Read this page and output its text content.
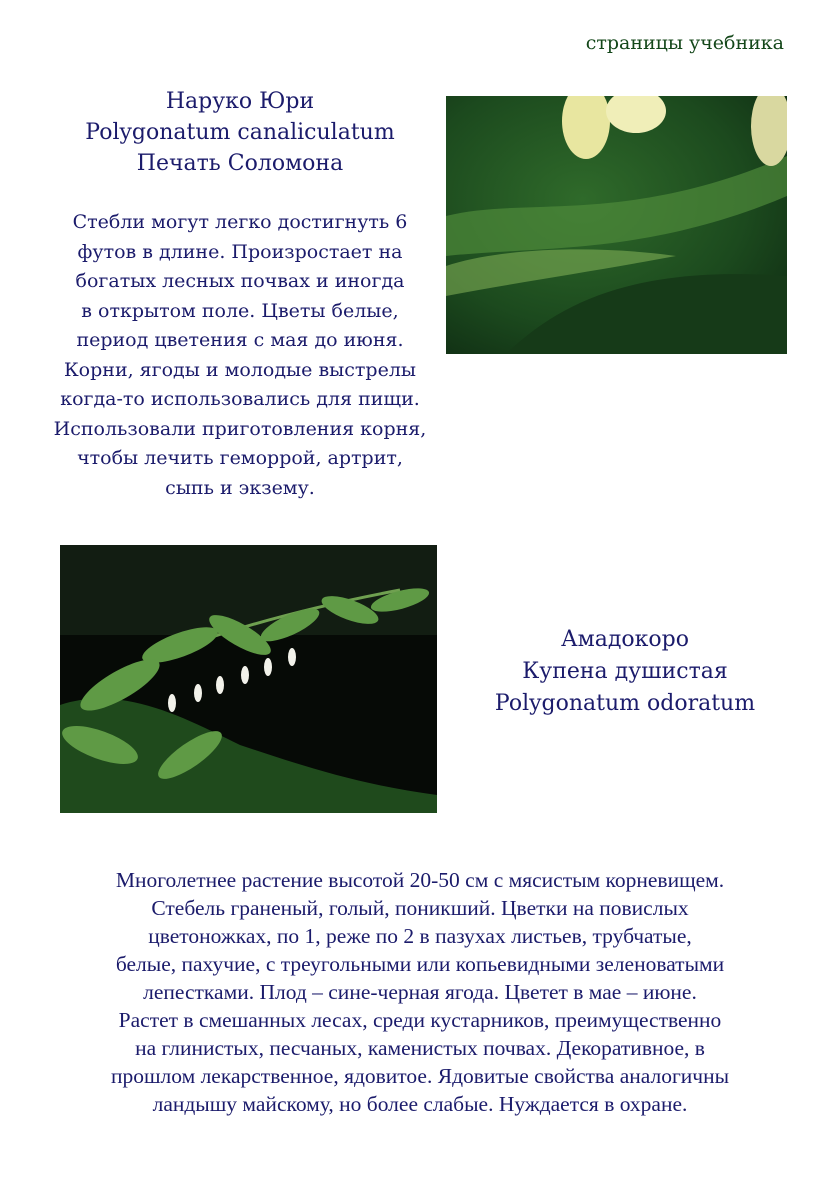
страницы учебника
Наруко Юри
Polygonatum canaliculatum
Печать Соломона
Стебли могут легко достигнуть 6
футов в длине. Произростает на
богатых лесных почвах и иногда
в открытом поле. Цветы белые,
период цветения с мая до июня.
Корни, ягоды и молодые выстрелы
когда-то использовались для пищи.
Использовали приготовления корня,
чтобы лечить геморрой, артрит,
сыпь и экзему.
Амадокоро
Купена душистая
Polygonatum odoratum
Многолетнее растение высотой 20-50 см с мясистым корневищем.
Стебель граненый, голый, поникший. Цветки на повислых
цветоножках, по 1, реже по 2 в пазухах листьев, трубчатые,
белые, пахучие, с треугольными или копьевидными зеленоватыми
лепестками. Плод – сине-черная ягода. Цветет в мае – июне.
Растет в смешанных лесах, среди кустарников, преимущественно
на глинистых, песчаных, каменистых почвах. Декоративное, в
прошлом лекарственное, ядовитое. Ядовитые свойства аналогичны
ландышу майскому, но более слабые. Нуждается в охране.
